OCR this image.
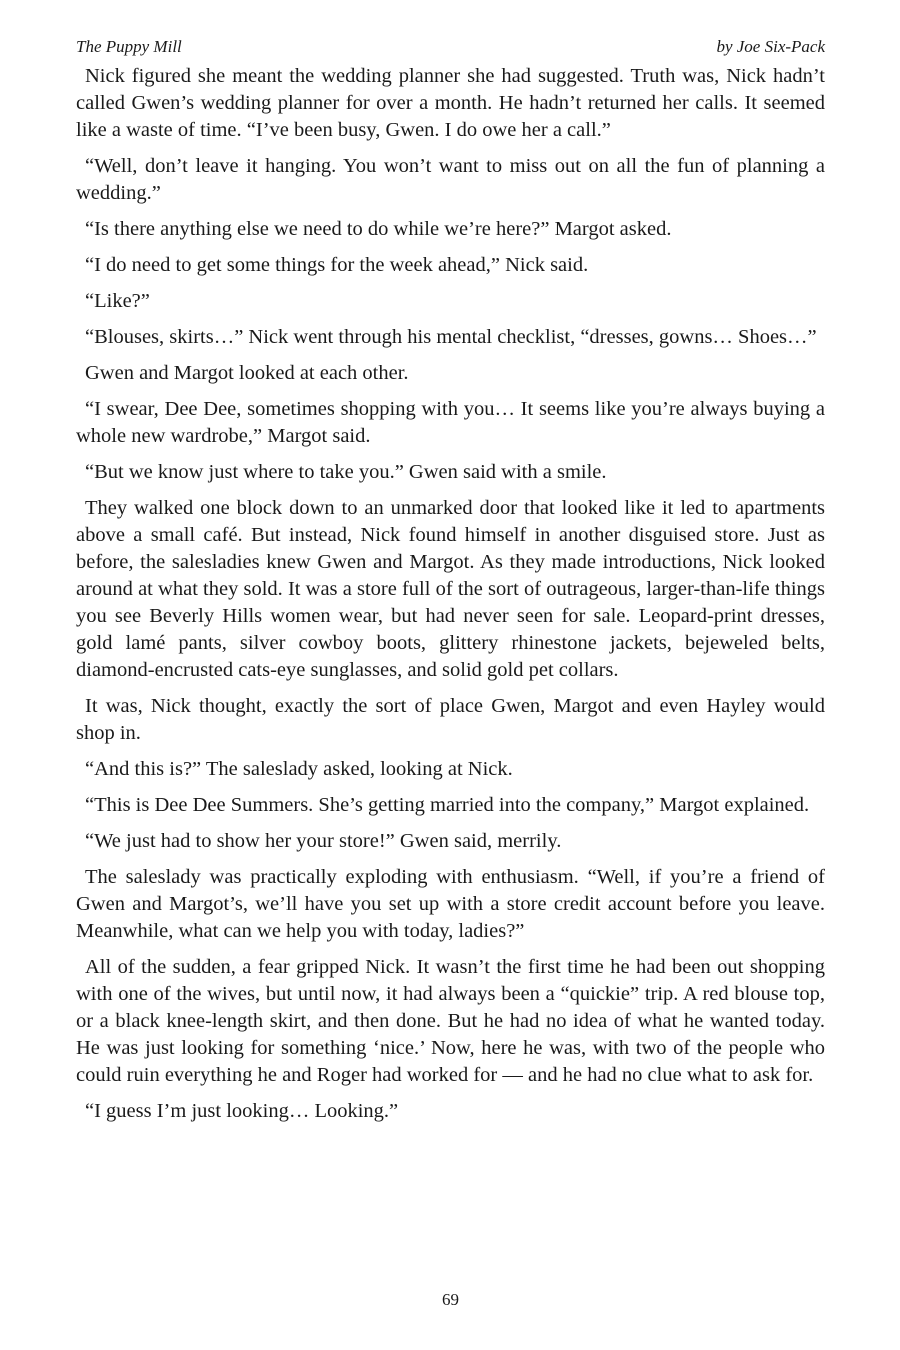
The Puppy Mill	by Joe Six-Pack

Nick figured she meant the wedding planner she had suggested. Truth was, Nick hadn’t called Gwen’s wedding planner for over a month. He hadn’t returned her calls. It seemed like a waste of time. “I’ve been busy, Gwen. I do owe her a call.”

“Well, don’t leave it hanging. You won’t want to miss out on all the fun of planning a wedding.”

“Is there anything else we need to do while we’re here?” Margot asked.

“I do need to get some things for the week ahead,” Nick said.

“Like?”

“Blouses, skirts…” Nick went through his mental checklist, “dresses, gowns… Shoes…”

Gwen and Margot looked at each other.

“I swear, Dee Dee, sometimes shopping with you… It seems like you’re always buying a whole new wardrobe,” Margot said.

“But we know just where to take you.” Gwen said with a smile.

They walked one block down to an unmarked door that looked like it led to apartments above a small café. But instead, Nick found himself in another disguised store. Just as before, the salesladies knew Gwen and Margot. As they made introductions, Nick looked around at what they sold. It was a store full of the sort of outrageous, larger-than-life things you see Beverly Hills women wear, but had never seen for sale. Leopard-print dresses, gold lamé pants, silver cowboy boots, glittery rhinestone jackets, bejeweled belts, diamond-encrusted cats-eye sunglasses, and solid gold pet collars.

It was, Nick thought, exactly the sort of place Gwen, Margot and even Hayley would shop in.

“And this is?” The saleslady asked, looking at Nick.

“This is Dee Dee Summers. She’s getting married into the company,” Margot explained.

“We just had to show her your store!” Gwen said, merrily.

The saleslady was practically exploding with enthusiasm. “Well, if you’re a friend of Gwen and Margot’s, we’ll have you set up with a store credit account before you leave. Meanwhile, what can we help you with today, ladies?”

All of the sudden, a fear gripped Nick. It wasn’t the first time he had been out shopping with one of the wives, but until now, it had always been a “quickie” trip. A red blouse top, or a black knee-length skirt, and then done. But he had no idea of what he wanted today. He was just looking for something ‘nice.’ Now, here he was, with two of the people who could ruin everything he and Roger had worked for — and he had no clue what to ask for.

“I guess I’m just looking… Looking.”

69
